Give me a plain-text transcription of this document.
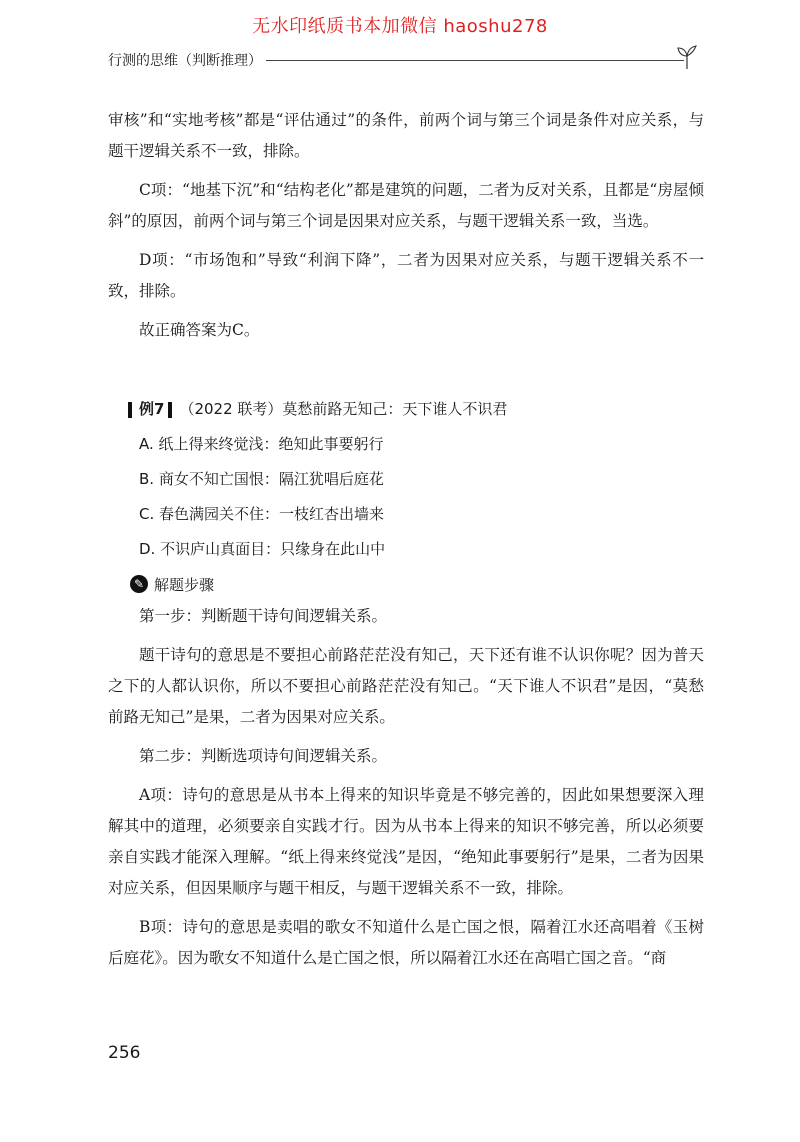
无水印纸质书本加微信 haoshu278
行测的思维（判断推理）

审核”和“实地考核”都是“评估通过”的条件，前两个词与第三个词是条件对应关系，与题干逻辑关系不一致，排除。

C项：“地基下沉”和“结构老化”都是建筑的问题，二者为反对关系，且都是“房屋倾斜”的原因，前两个词与第三个词是因果对应关系，与题干逻辑关系一致，当选。

D项：“市场饱和”导致“利润下降”，二者为因果对应关系，与题干逻辑关系不一致，排除。

故正确答案为C。

例7 （2022 联考） 莫愁前路无知己：天下谁人不识君
A. 纸上得来终觉浅：绝知此事要躬行
B. 商女不知亡国恨：隔江犹唱后庭花
C. 春色满园关不住：一枝红杏出墙来
D. 不识庐山真面目：只缘身在此山中
✎ 解题步骤

第一步：判断题干诗句间逻辑关系。

题干诗句的意思是不要担心前路茫茫没有知己，天下还有谁不认识你呢？因为普天之下的人都认识你，所以不要担心前路茫茫没有知己。“天下谁人不识君”是因，“莫愁前路无知己”是果，二者为因果对应关系。

第二步：判断选项诗句间逻辑关系。

A项：诗句的意思是从书本上得来的知识毕竟是不够完善的，因此如果想要深入理解其中的道理，必须要亲自实践才行。因为从书本上得来的知识不够完善，所以必须要亲自实践才能深入理解。“纸上得来终觉浅”是因，“绝知此事要躬行”是果，二者为因果对应关系，但因果顺序与题干相反，与题干逻辑关系不一致，排除。

B项：诗句的意思是卖唱的歌女不知道什么是亡国之恨，隔着江水还高唱着《玉树后庭花》。因为歌女不知道什么是亡国之恨，所以隔着江水还在高唱亡国之音。“商

256
